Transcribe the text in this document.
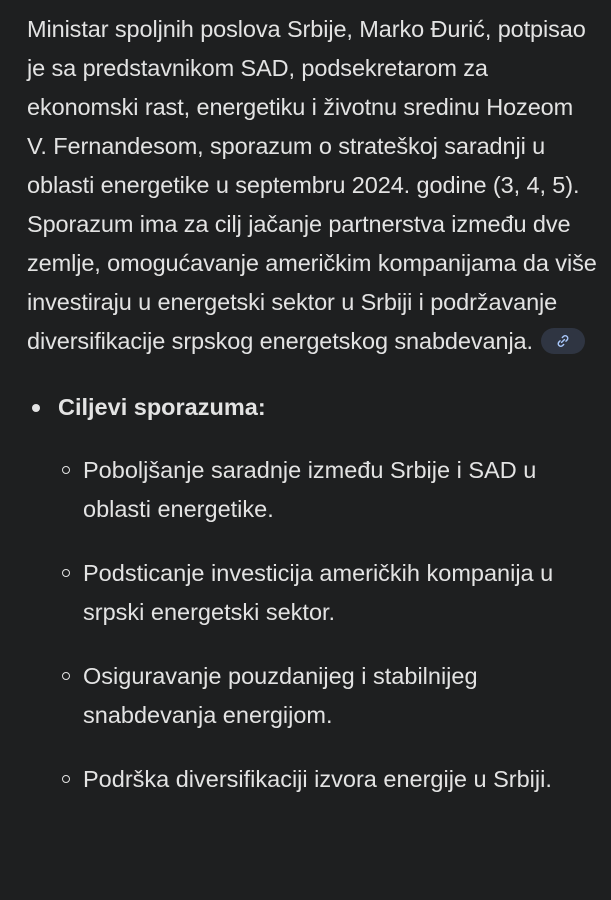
Ministar spoljnih poslova Srbije, Marko Đurić, potpisao je sa predstavnikom SAD, podsekretarom za ekonomski rast, energetiku i životnu sredinu Hozeom V. Fernandesom, sporazum o strateškoj saradnji u oblasti energetike u septembru 2024. godine (3, 4, 5). Sporazum ima za cilj jačanje partnerstva između dve zemlje, omogućavanje američkim kompanijama da više investiraju u energetski sektor u Srbiji i podržavanje diversifikacije srpskog energetskog snabdevanja.

Ciljevi sporazuma:
Poboljšanje saradnje između Srbije i SAD u oblasti energetike.
Podsticanje investicija američkih kompanija u srpski energetski sektor.
Osiguravanje pouzdanijeg i stabilnijeg snabdevanja energijom.
Podrška diversifikaciji izvora energije u Srbiji.
